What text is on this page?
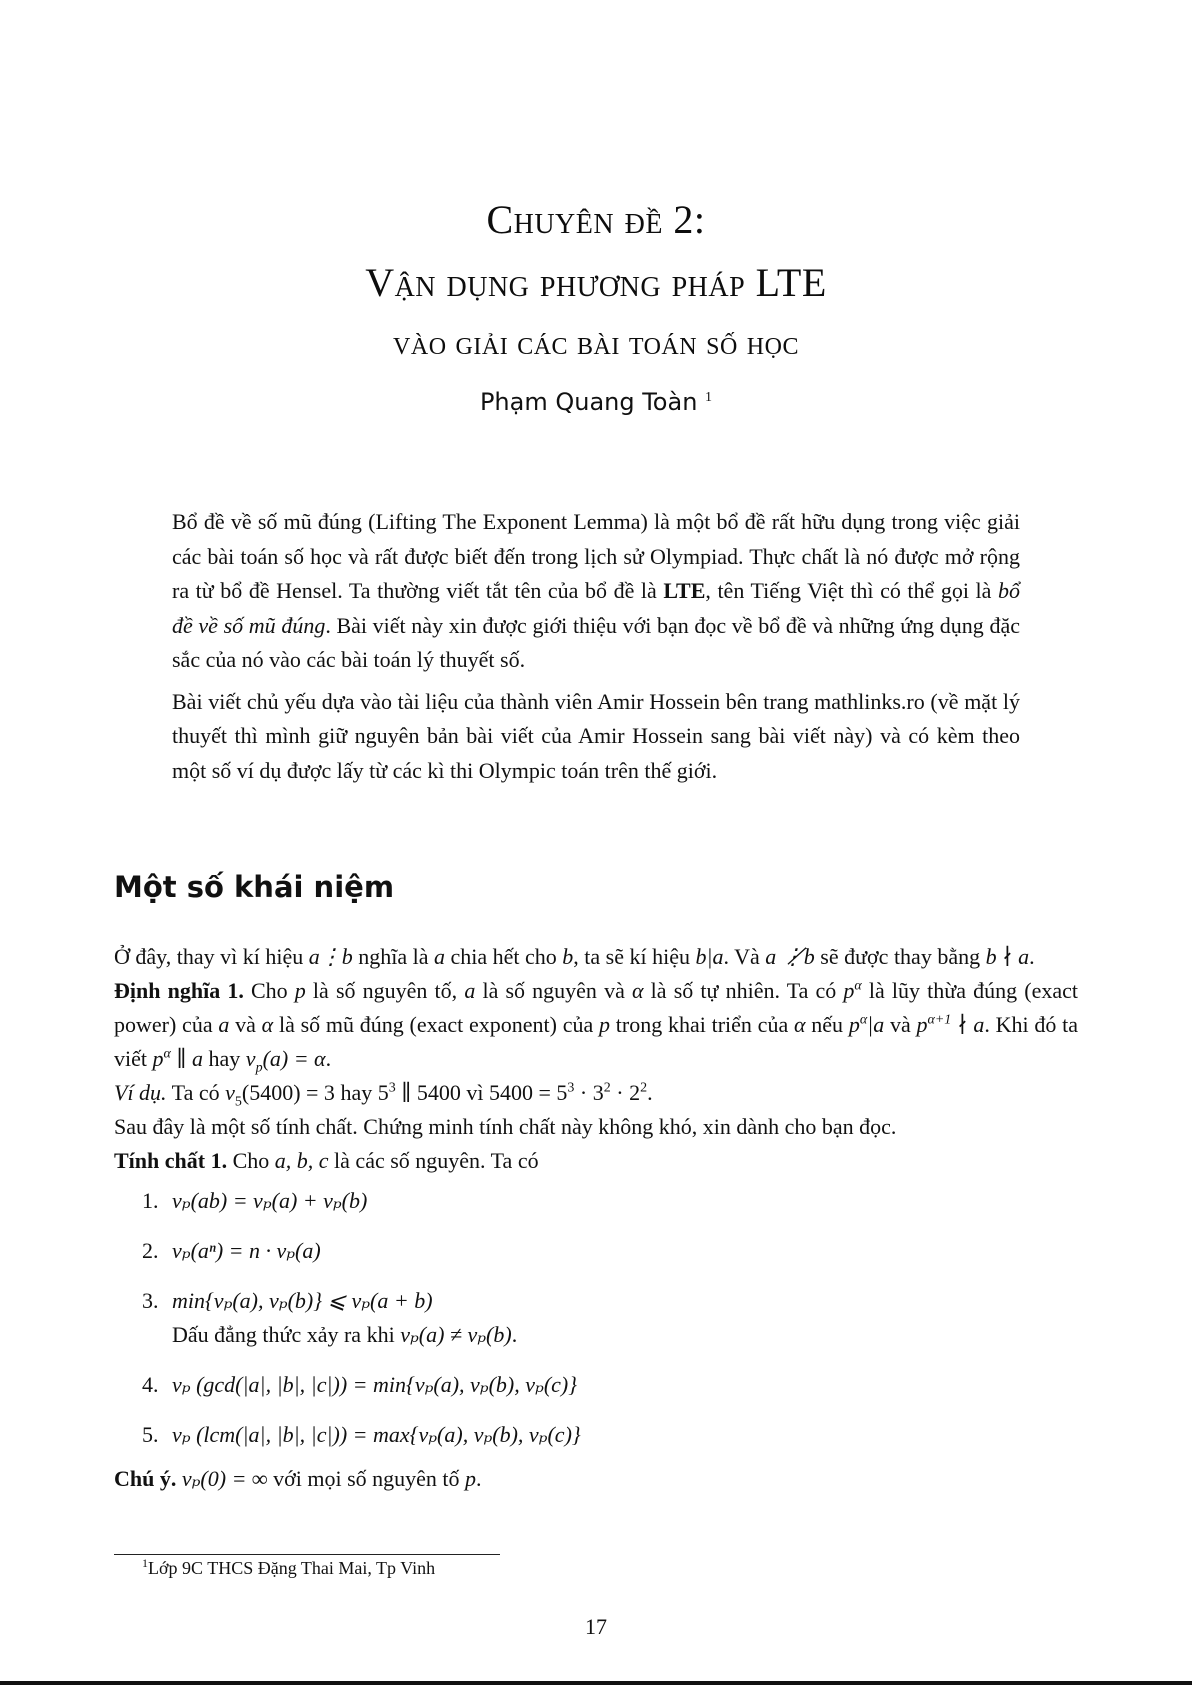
Chuyên đề 2:
Vận dụng phương pháp LTE
vào giải các bài toán số học
Phạm Quang Toàn $^1$

Bổ đề về số mũ đúng (Lifting The Exponent Lemma) là một bổ đề rất hữu dụng trong việc giải các bài toán số học và rất được biết đến trong lịch sử Olympiad. Thực chất là nó được mở rộng ra từ bổ đề Hensel. Ta thường viết tắt tên của bổ đề là LTE, tên Tiếng Việt thì có thể gọi là bổ đề về số mũ đúng. Bài viết này xin được giới thiệu với bạn đọc về bổ đề và những ứng dụng đặc sắc của nó vào các bài toán lý thuyết số.

Bài viết chủ yếu dựa vào tài liệu của thành viên Amir Hossein bên trang mathlinks.ro (về mặt lý thuyết thì mình giữ nguyên bản bài viết của Amir Hossein sang bài viết này) và có kèm theo một số ví dụ được lấy từ các kì thi Olympic toán trên thế giới.

Một số khái niệm

Ở đây, thay vì kí hiệu a⋮b nghĩa là a chia hết cho b, ta sẽ kí hiệu b|a. Và a ⋮̸b sẽ được thay bằng b ∤ a.

Định nghĩa 1. Cho p là số nguyên tố, a là số nguyên và α là số tự nhiên. Ta có $p^\alpha$ là lũy thừa đúng (exact power) của a và α là số mũ đúng (exact exponent) của p trong khai triển của α nếu $p^\alpha|a$ và $p^{\alpha+1}$ ∤ a. Khi đó ta viết $p^\alpha$ ∥ a hay $v_p(a) = \alpha$.

Ví dụ. Ta có $v_5(5400) = 3$ hay $5^3$ ∥ 5400 vì $5400 = 5^3 \cdot 3^2 \cdot 2^2$.

Sau đây là một số tính chất. Chứng minh tính chất này không khó, xin dành cho bạn đọc.

Tính chất 1. Cho a, b, c là các số nguyên. Ta có

1. vₚ(ab) = vₚ(a) + vₚ(b)
2. vₚ(aⁿ) = n · vₚ(a)
3. min{vₚ(a), vₚ(b)} ⩽ vₚ(a + b)
Dấu đẳng thức xảy ra khi vₚ(a) ≠ vₚ(b).
4. vₚ (gcd(|a|, |b|, |c|)) = min{vₚ(a), vₚ(b), vₚ(c)}
5. vₚ (lcm(|a|, |b|, |c|)) = max{vₚ(a), vₚ(b), vₚ(c)}

Chú ý. vₚ(0) = ∞ với mọi số nguyên tố p.

$^1$Lớp 9C THCS Đặng Thai Mai, Tp Vinh
17
